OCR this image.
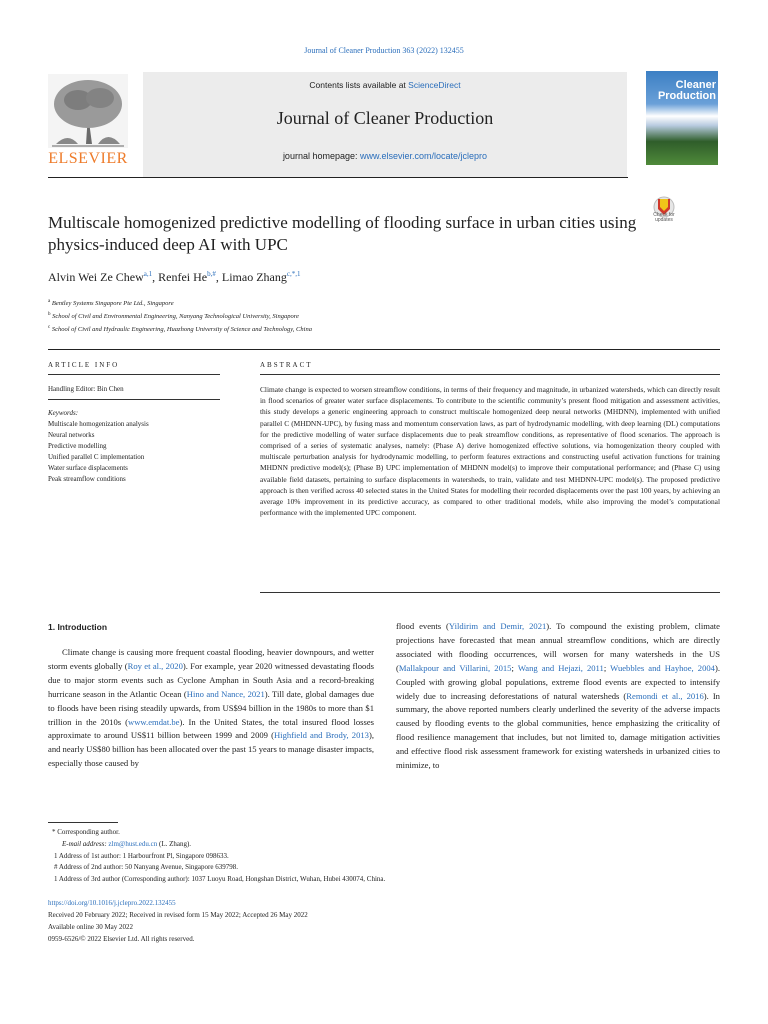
Journal of Cleaner Production 363 (2022) 132455
ELSEVIER
Contents lists available at ScienceDirect
Journal of Cleaner Production
journal homepage: www.elsevier.com/locate/jclepro
Cleaner
Production
Multiscale homogenized predictive modelling of flooding surface in urban cities using physics-induced deep AI with UPC
Check for
updates
Alvin Wei Ze Chew$^{a,1}$, Renfei $He^{b,\#}$, Limao Zhang$^{c,*,1}$
$^a$ Bentley Systems Singapore Pte Ltd., Singapore
$^b$ School of Civil and Environmental Engineering, Nanyang Technological University, Singapore
$^c$ School of Civil and Hydraulic Engineering, Huazhong University of Science and Technology, China
ARTICLE INFO
Handling Editor: Bin Chen
Keywords:
Multiscale homogenization analysis
Neural networks
Predictive modelling
Unified parallel C implementation
Water surface displacements
Peak streamflow conditions
ABSTRACT
Climate change is expected to worsen streamflow conditions, in terms of their frequency and magnitude, in urbanized watersheds, which can directly result in flood scenarios of greater water surface displacements. To contribute to the scientific community’s present flood mitigation and assessment activities, this study develops a generic engineering approach to construct multiscale homogenized deep neural networks (MHDNN), implemented with unified parallel C (MHDNN-UPC), by fusing mass and momentum conservation laws, as part of hydrodynamic modelling, with deep learning (DL) computations for the predictive modelling of water surface displacements due to peak streamflow conditions, as representative of flood scenarios. The approach is comprised of a series of systematic analyses, namely: (Phase A) derive homogenized effective solutions, via homogenization theory coupled with multiscale perturbation analysis for hydrodynamic modelling, to perform features extractions and constructing useful activation functions for training MHDNN predictive model(s); (Phase B) UPC implementation of MHDNN model(s) to improve their computational performance; and (Phase C) using available field datasets, pertaining to surface displacements in watersheds, to train, validate and test MHDNN-UPC model(s). The proposed predictive approach is then verified across 40 selected states in the United States for modelling their recorded displacements over the past 100 years, by achieving an average 10% improvement in its predictive accuracy, as compared to other traditional models, while also improving the model’s computational performance with the implemented UPC component.
1. Introduction
Climate change is causing more frequent coastal flooding, heavier downpours, and wetter storm events globally (Roy et al., 2020). For example, year 2020 witnessed devastating floods due to major storm events such as Cyclone Amphan in South Asia and a record-breaking hurricane season in the Atlantic Ocean (Hino and Nance, 2021). Till date, global damages due to floods have been rising steadily upwards, from US$94 billion in the 1980s to more than $1 trillion in the 2010s (www.emdat.be). In the United States, the total insured flood losses approximate to around US$11 billion between 1999 and 2009 (Highfield and Brody, 2013), and nearly US$80 billion has been allocated over the past 15 years to manage disaster impacts, especially those caused by
flood events (Yildirim and Demir, 2021). To compound the existing problem, climate projections have forecasted that mean annual streamflow conditions, which are directly associated with flooding occurrences, will worsen for many watersheds in the US (Mallakpour and Villarini, 2015; Wang and Hejazi, 2011; Wuebbles and Hayhoe, 2004). Coupled with growing global populations, extreme flood events are expected to intensify widely due to increasing deforestations of natural watersheds (Remondi et al., 2016). In summary, the above reported numbers clearly underlined the severity of the adverse impacts caused by flooding events to the global communities, hence emphasizing the criticality of flood resilience management that includes, but not limited to, damage mitigation activities and effective flood risk assessment framework for existing watersheds in urbanized cities to minimize, to
* Corresponding author.
E-mail address: zlm@hust.edu.cn (L. Zhang).
1 Address of 1st author: 1 Harbourfront Pl, Singapore 098633.
# Address of 2nd author: 50 Nanyang Avenue, Singapore 639798.
1 Address of 3rd author (Corresponding author): 1037 Luoyu Road, Hongshan District, Wuhan, Hubei 430074, China.
https://doi.org/10.1016/j.jclepro.2022.132455
Received 20 February 2022; Received in revised form 15 May 2022; Accepted 26 May 2022
Available online 30 May 2022
0959-6526/© 2022 Elsevier Ltd. All rights reserved.
